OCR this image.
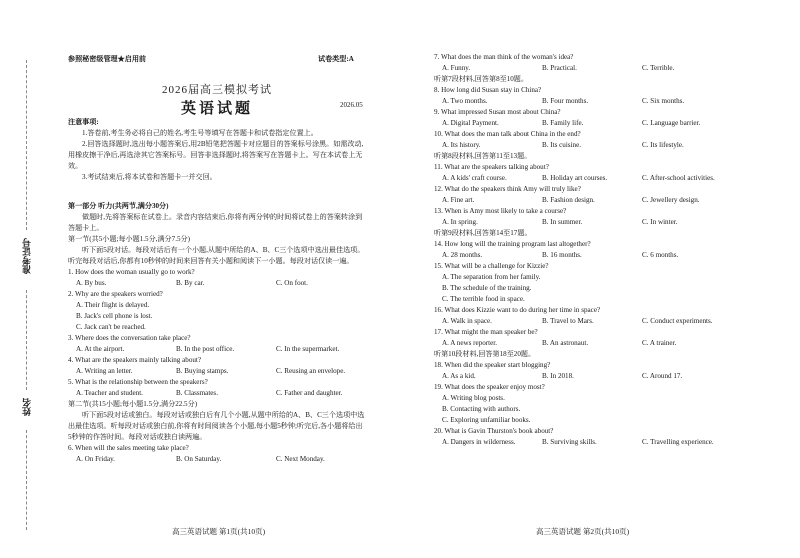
准考证号
姓名
参照秘密级管理★启用前	试卷类型:A
2026届高三模拟考试
英语试题	2026.05

注意事项:

1.答卷前,考生务必将自己的姓名,考生号等填写在答题卡和试卷指定位置上。

2.回答选择题时,选出每小题答案后,用2B铅笔把答题卡对应题目的答案标号涂黑。如需改动,用橡皮擦干净后,再选涂其它答案标号。回答非选择题时,将答案写在答题卡上。写在本试卷上无效。

3.考试结束后,将本试卷和答题卡一并交回。

第一部分 听力(共两节,满分30分)

做题时,先将答案标在试卷上。录音内容结束后,你将有两分钟的时间将试卷上的答案转涂到答题卡上。

第一节(共5小题;每小题1.5分,满分7.5分)

听下面5段对话。每段对话后有一个小题,从题中所给的A、B、C三个选项中选出最佳选项。听完每段对话后,你都有10秒钟的时间来回答有关小题和阅读下一小题。每段对话仅读一遍。

1. How does the woman usually go to work?

A. By bus.	B. By car.	C. On foot.

2. Why are the speakers worried?

A. Their flight is delayed.

B. Jack's cell phone is lost.

C. Jack can't be reached.

3. Where does the conversation take place?

A. At the airport.	B. In the post office.	C. In the supermarket.

4. What are the speakers mainly talking about?

A. Writing an letter.	B. Buying stamps.	C. Reusing an envelope.

5. What is the relationship between the speakers?

A. Teacher and student.	B. Classmates.	C. Father and daughter.

第二节(共15小题;每小题1.5分,满分22.5分)

听下面5段对话或独白。每段对话或独白后有几个小题,从题中所给的A、B、C三个选项中选出最佳选项。听每段对话或独白前,你将有时间阅读各个小题,每小题5秒钟;听完后,各小题将给出5秒钟的作答时间。每段对话或独白读两遍。

6. When will the sales meeting take place?

A. On Friday.	B. On Saturday.	C. Next Monday.

7. What does the man think of the woman's idea?

A. Funny.	B. Practical.	C. Terrible.

听第7段材料,回答第8至10题。

8. How long did Susan stay in China?

A. Two months.	B. Four months.	C. Six months.

9. What impressed Susan most about China?

A. Digital Payment.	B. Family life.	C. Language barrier.

10. What does the man talk about China in the end?

A. Its history.	B. Its cuisine.	C. Its lifestyle.

听第8段材料,回答第11至13题。

11. What are the speakers talking about?

A. A kids' craft course.	B. Holiday art courses.	C. After-school activities.

12. What do the speakers think Amy will truly like?

A. Fine art.	B. Fashion design.	C. Jewellery design.

13. When is Amy most likely to take a course?

A. In spring.	B. In summer.	C. In winter.

听第9段材料,回答第14至17题。

14. How long will the training program last altogether?

A. 28 months.	B. 16 months.	C. 6 months.

15. What will be a challenge for Kizzie?

A. The separation from her family.

B. The schedule of the training.

C. The terrible food in space.

16. What does Kizzie want to do during her time in space?

A. Walk in space.	B. Travel to Mars.	C. Conduct experiments.

17. What might the man speaker be?

A. A news reporter.	B. An astronaut.	C. A trainer.

听第10段材料,回答第18至20题。

18. When did the speaker start blogging?

A. As a kid.	B. In 2018.	C. Around 17.

19. What does the speaker enjoy most?

A. Writing blog posts.

B. Contacting with authors.

C. Exploring unfamiliar books.

20. What is Gavin Thurston's book about?

A. Dangers in wilderness.	B. Surviving skills.	C. Travelling experience.
高三英语试题 第1页(共10页)	高三英语试题 第2页(共10页)
